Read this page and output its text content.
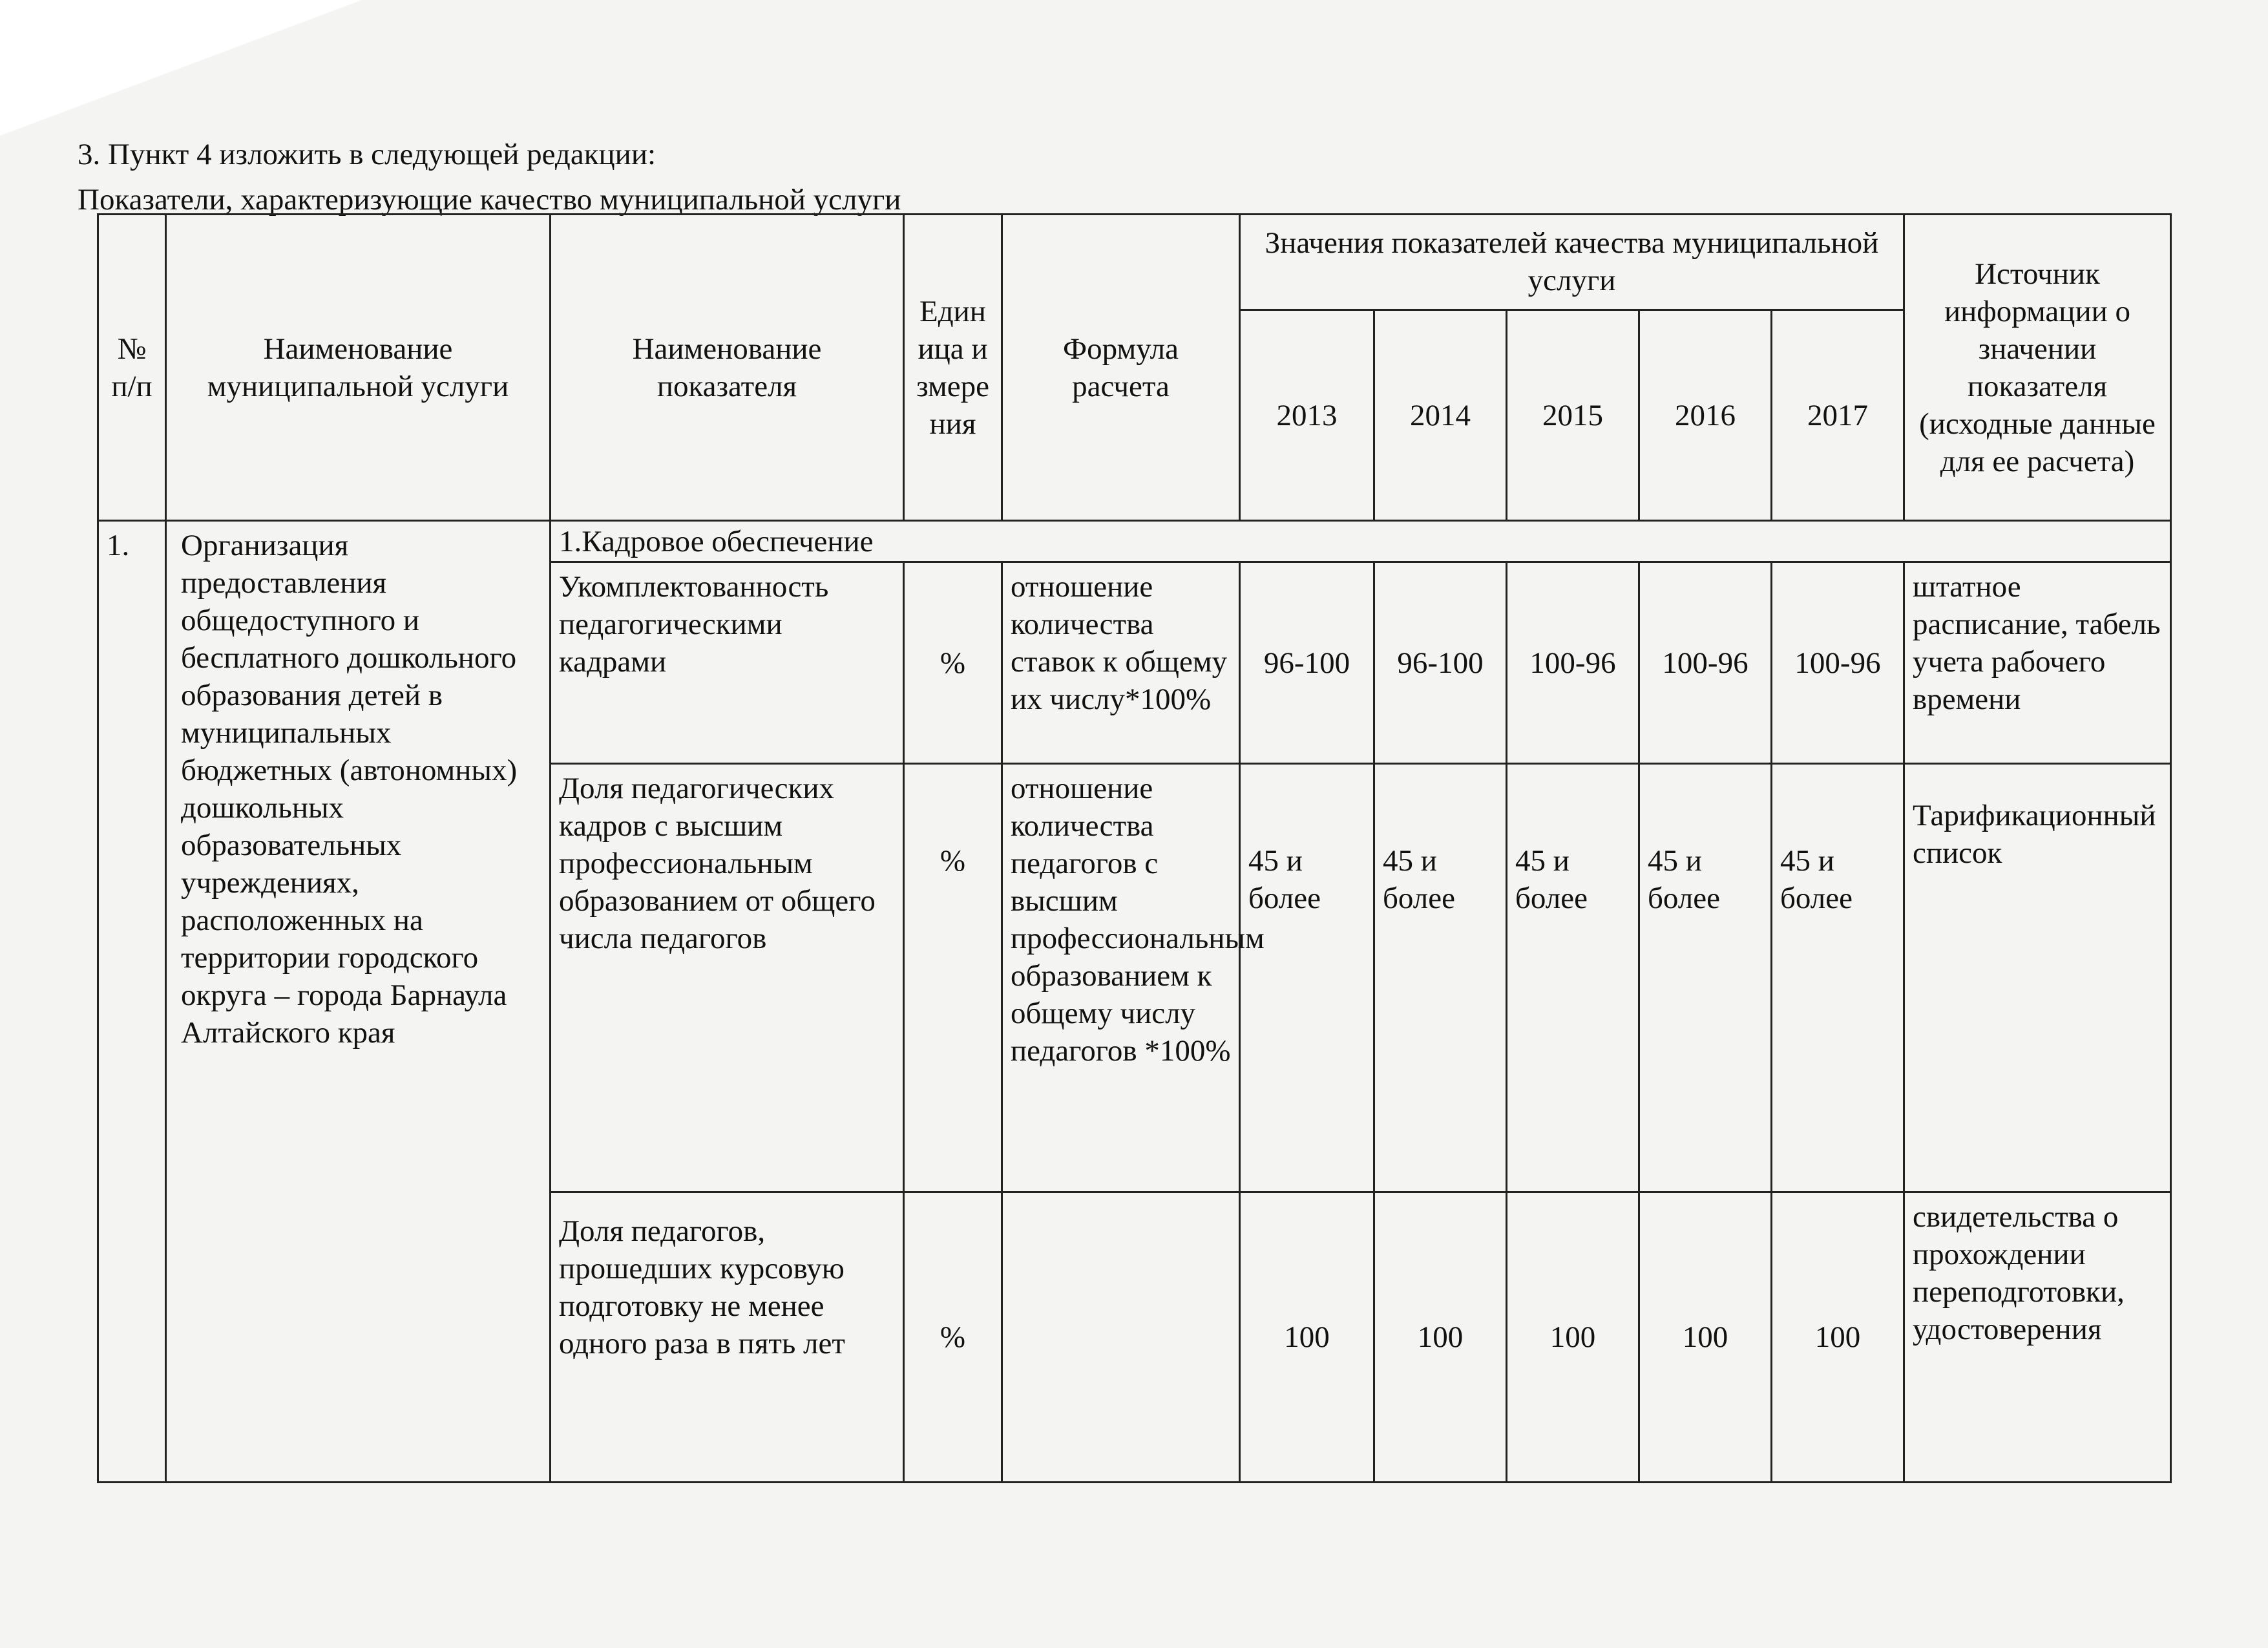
3. Пункт 4 изложить в следующей редакции:
Показатели, характеризующие качество муниципальной услуги
№ п/п	Наименование муниципальной услуги	Наименование показателя	Единица измерения	Формула расчета	Значения показателей качества муниципальной услуги					Источник информации о значении показателя (исходные данные для ее расчета)
					2013	2014	2015	2016	2017	
1.	Организация предоставления общедоступного и бесплатного дошкольного образования детей в муниципальных бюджетных (автономных) дошкольных образовательных учреждениях, расположенных на территории городского округа – города Барнаула Алтайского края	1.Кадровое обеспечение								
		Укомплектованность педагогическими кадрами	%	отношение количества ставок к общему их числу*100%	96-100	96-100	100-96	100-96	100-96	штатное расписание, табель учета рабочего времени
		Доля педагогических кадров с высшим профессиональным образованием от общего числа педагогов	%	отношение количества педагогов с высшим профессиональным образованием к общему числу педагогов *100%	45 и более	45 и более	45 и более	45 и более	45 и более	Тарификационный список
		Доля педагогов, прошедших курсовую подготовку не менее одного раза в пять лет	%		100	100	100	100	100	свидетельства о прохождении переподготовки, удостоверения
